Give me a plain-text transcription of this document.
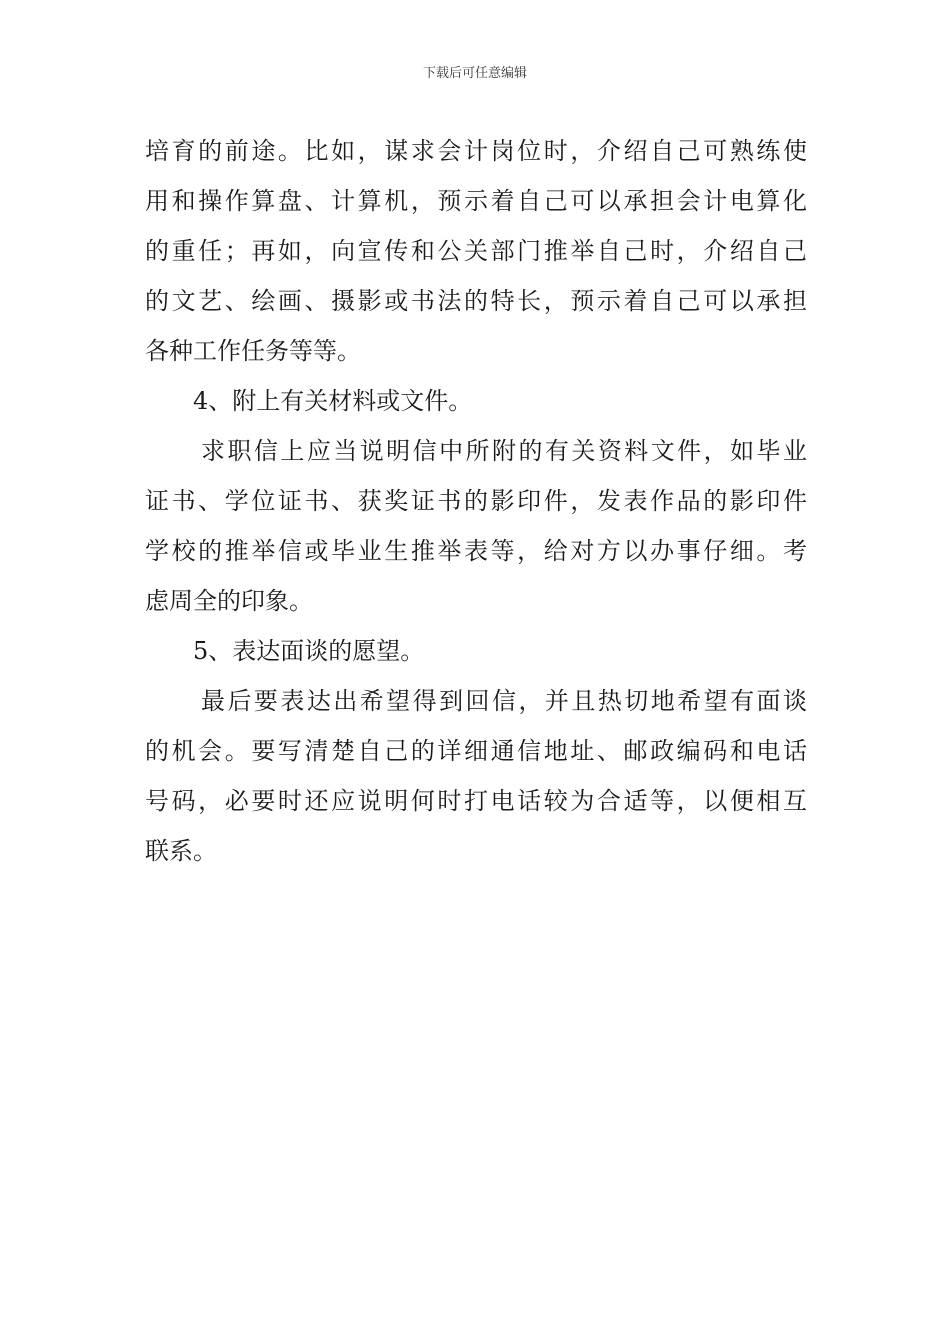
下载后可任意编辑
培育的前途。比如，谋求会计岗位时，介绍自己可熟练使
用和操作算盘、计算机，预示着自己可以承担会计电算化
的重任；再如，向宣传和公关部门推举自己时，介绍自己
的文艺、绘画、摄影或书法的特长，预示着自己可以承担
各种工作任务等等。
4、附上有关材料或文件。
求职信上应当说明信中所附的有关资料文件，如毕业
证书、学位证书、获奖证书的影印件，发表作品的影印件
学校的推举信或毕业生推举表等，给对方以办事仔细。考
虑周全的印象。
5、表达面谈的愿望。
最后要表达出希望得到回信，并且热切地希望有面谈
的机会。要写清楚自己的详细通信地址、邮政编码和电话
号码，必要时还应说明何时打电话较为合适等，以便相互
联系。
